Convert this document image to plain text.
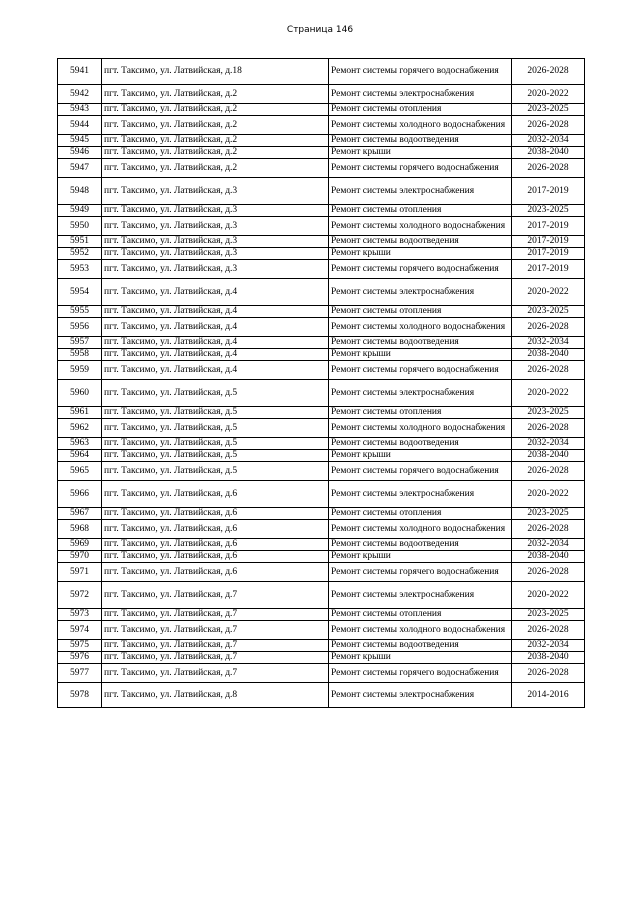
Страница 146
5941	пгт. Таксимо, ул. Латвийская, д.18	Ремонт системы горячего водоснабжения	2026-2028
5942	пгт. Таксимо, ул. Латвийская, д.2	Ремонт системы электроснабжения	2020-2022
5943	пгт. Таксимо, ул. Латвийская, д.2	Ремонт системы отопления	2023-2025
5944	пгт. Таксимо, ул. Латвийская, д.2	Ремонт системы холодного водоснабжения	2026-2028
5945	пгт. Таксимо, ул. Латвийская, д.2	Ремонт системы водоотведения	2032-2034
5946	пгт. Таксимо, ул. Латвийская, д.2	Ремонт крыши	2038-2040
5947	пгт. Таксимо, ул. Латвийская, д.2	Ремонт системы горячего водоснабжения	2026-2028
5948	пгт. Таксимо, ул. Латвийская, д.3	Ремонт системы электроснабжения	2017-2019
5949	пгт. Таксимо, ул. Латвийская, д.3	Ремонт системы отопления	2023-2025
5950	пгт. Таксимо, ул. Латвийская, д.3	Ремонт системы холодного водоснабжения	2017-2019
5951	пгт. Таксимо, ул. Латвийская, д.3	Ремонт системы водоотведения	2017-2019
5952	пгт. Таксимо, ул. Латвийская, д.3	Ремонт крыши	2017-2019
5953	пгт. Таксимо, ул. Латвийская, д.3	Ремонт системы горячего водоснабжения	2017-2019
5954	пгт. Таксимо, ул. Латвийская, д.4	Ремонт системы электроснабжения	2020-2022
5955	пгт. Таксимо, ул. Латвийская, д.4	Ремонт системы отопления	2023-2025
5956	пгт. Таксимо, ул. Латвийская, д.4	Ремонт системы холодного водоснабжения	2026-2028
5957	пгт. Таксимо, ул. Латвийская, д.4	Ремонт системы водоотведения	2032-2034
5958	пгт. Таксимо, ул. Латвийская, д.4	Ремонт крыши	2038-2040
5959	пгт. Таксимо, ул. Латвийская, д.4	Ремонт системы горячего водоснабжения	2026-2028
5960	пгт. Таксимо, ул. Латвийская, д.5	Ремонт системы электроснабжения	2020-2022
5961	пгт. Таксимо, ул. Латвийская, д.5	Ремонт системы отопления	2023-2025
5962	пгт. Таксимо, ул. Латвийская, д.5	Ремонт системы холодного водоснабжения	2026-2028
5963	пгт. Таксимо, ул. Латвийская, д.5	Ремонт системы водоотведения	2032-2034
5964	пгт. Таксимо, ул. Латвийская, д.5	Ремонт крыши	2038-2040
5965	пгт. Таксимо, ул. Латвийская, д.5	Ремонт системы горячего водоснабжения	2026-2028
5966	пгт. Таксимо, ул. Латвийская, д.6	Ремонт системы электроснабжения	2020-2022
5967	пгт. Таксимо, ул. Латвийская, д.6	Ремонт системы отопления	2023-2025
5968	пгт. Таксимо, ул. Латвийская, д.6	Ремонт системы холодного водоснабжения	2026-2028
5969	пгт. Таксимо, ул. Латвийская, д.6	Ремонт системы водоотведения	2032-2034
5970	пгт. Таксимо, ул. Латвийская, д.6	Ремонт крыши	2038-2040
5971	пгт. Таксимо, ул. Латвийская, д.6	Ремонт системы горячего водоснабжения	2026-2028
5972	пгт. Таксимо, ул. Латвийская, д.7	Ремонт системы электроснабжения	2020-2022
5973	пгт. Таксимо, ул. Латвийская, д.7	Ремонт системы отопления	2023-2025
5974	пгт. Таксимо, ул. Латвийская, д.7	Ремонт системы холодного водоснабжения	2026-2028
5975	пгт. Таксимо, ул. Латвийская, д.7	Ремонт системы водоотведения	2032-2034
5976	пгт. Таксимо, ул. Латвийская, д.7	Ремонт крыши	2038-2040
5977	пгт. Таксимо, ул. Латвийская, д.7	Ремонт системы горячего водоснабжения	2026-2028
5978	пгт. Таксимо, ул. Латвийская, д.8	Ремонт системы электроснабжения	2014-2016
